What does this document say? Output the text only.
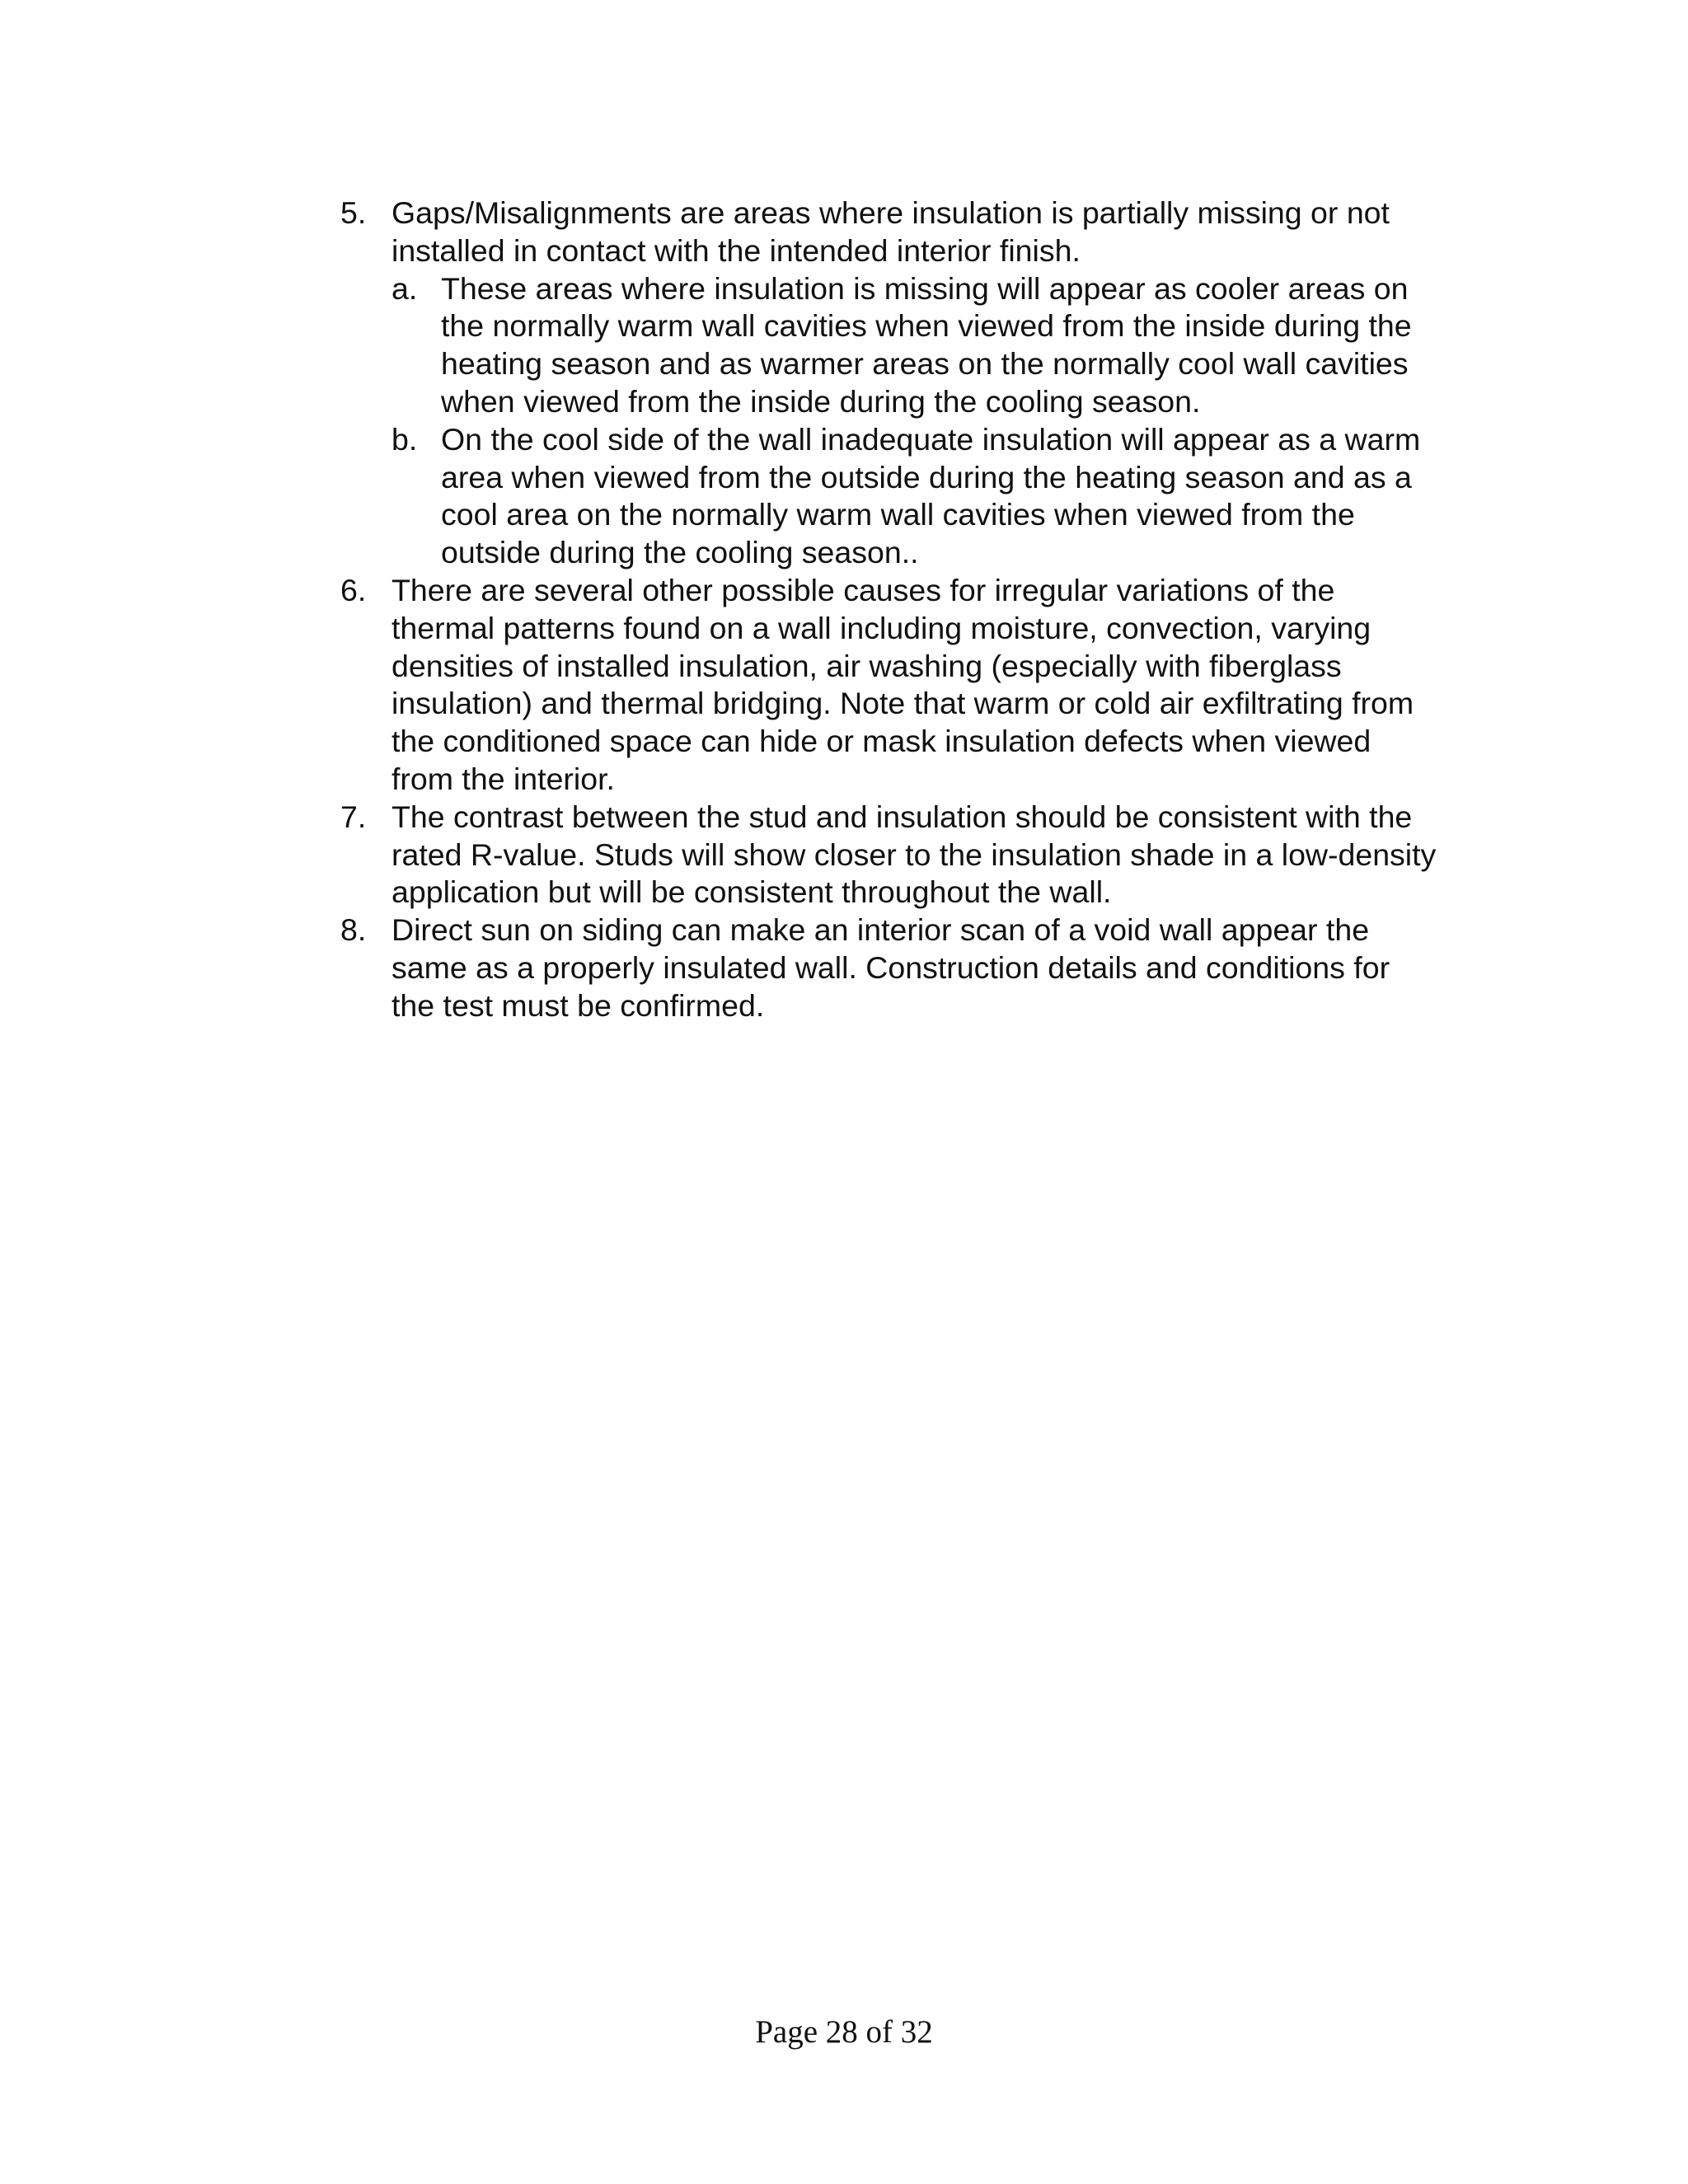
5. Gaps/Misalignments are areas where insulation is partially missing or not installed in contact with the intended interior finish.
a. These areas where insulation is missing will appear as cooler areas on the normally warm wall cavities when viewed from the inside during the heating season and as warmer areas on the normally cool wall cavities when viewed from the inside during the cooling season.
b. On the cool side of the wall inadequate insulation will appear as a warm area when viewed from the outside during the heating season and as a cool area on the normally warm wall cavities when viewed from the outside during the cooling season..
6. There are several other possible causes for irregular variations of the thermal patterns found on a wall including moisture, convection, varying densities of installed insulation, air washing (especially with fiberglass insulation) and thermal bridging. Note that warm or cold air exfiltrating from the conditioned space can hide or mask insulation defects when viewed from the interior.
7. The contrast between the stud and insulation should be consistent with the rated R-value. Studs will show closer to the insulation shade in a low-density application but will be consistent throughout the wall.
8. Direct sun on siding can make an interior scan of a void wall appear the same as a properly insulated wall. Construction details and conditions for the test must be confirmed.
Page 28 of 32
